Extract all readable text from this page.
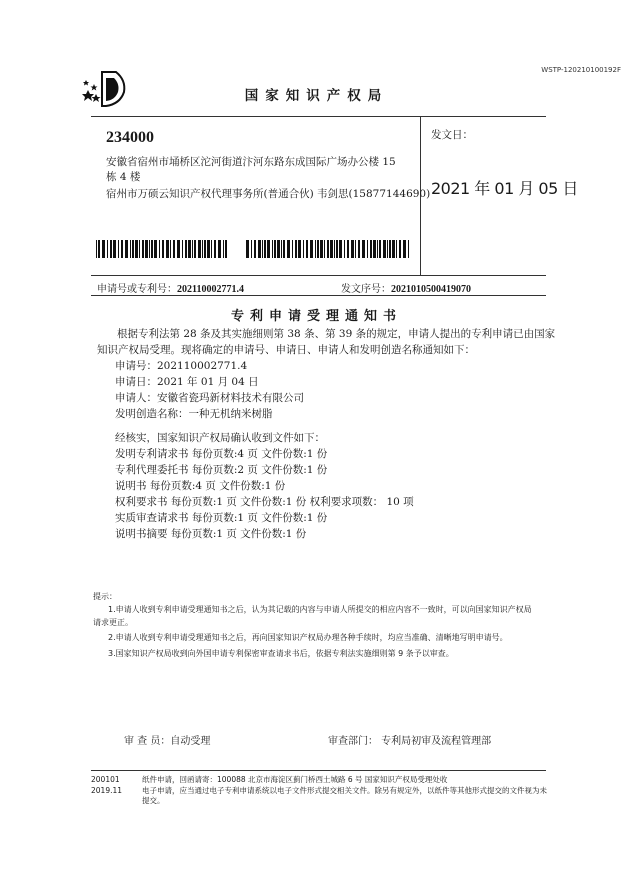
WSTP-120210100192F
国家知识产权局
234000
安徽省宿州市埇桥区沱河街道汴河东路东成国际广场办公楼 15 栋 4 楼
宿州市万硕云知识产权代理事务所(普通合伙) 韦剑思(15877144690)
发文日：
2021 年 01 月 05 日
申请号或专利号：202110002771.4	发文序号：2021010500419070
专利申请受理通知书
根据专利法第 28 条及其实施细则第 38 条、第 39 条的规定，申请人提出的专利申请已由国家知识产权局受理。现将确定的申请号、申请日、申请人和发明创造名称通知如下：
申请号：202110002771.4
申请日：2021 年 01 月 04 日
申请人：安徽省瓷玛新材料技术有限公司
发明创造名称：一种无机纳米树脂
经核实，国家知识产权局确认收到文件如下：
发明专利请求书 每份页数:4 页 文件份数:1 份
专利代理委托书 每份页数:2 页 文件份数:1 份
说明书 每份页数:4 页 文件份数:1 份
权利要求书 每份页数:1 页 文件份数:1 份 权利要求项数： 10 项
实质审查请求书 每份页数:1 页 文件份数:1 份
说明书摘要 每份页数:1 页 文件份数:1 份
提示：
1.申请人收到专利申请受理通知书之后，认为其记载的内容与申请人所提交的相应内容不一致时，可以向国家知识产权局
请求更正。
2.申请人收到专利申请受理通知书之后，再向国家知识产权局办理各种手续时，均应当准确、清晰地写明申请号。
3.国家知识产权局收到向外国申请专利保密审查请求书后，依据专利法实施细则第 9 条予以审查。
审 查 员：自动受理	审查部门： 专利局初审及流程管理部
200101	纸件申请，回函请寄：100088 北京市海淀区蓟门桥西土城路 6 号 国家知识产权局受理处收
2019.11	电子申请，应当通过电子专利申请系统以电子文件形式提交相关文件。除另有规定外，以纸件等其他形式提交的文件视为未提交。
